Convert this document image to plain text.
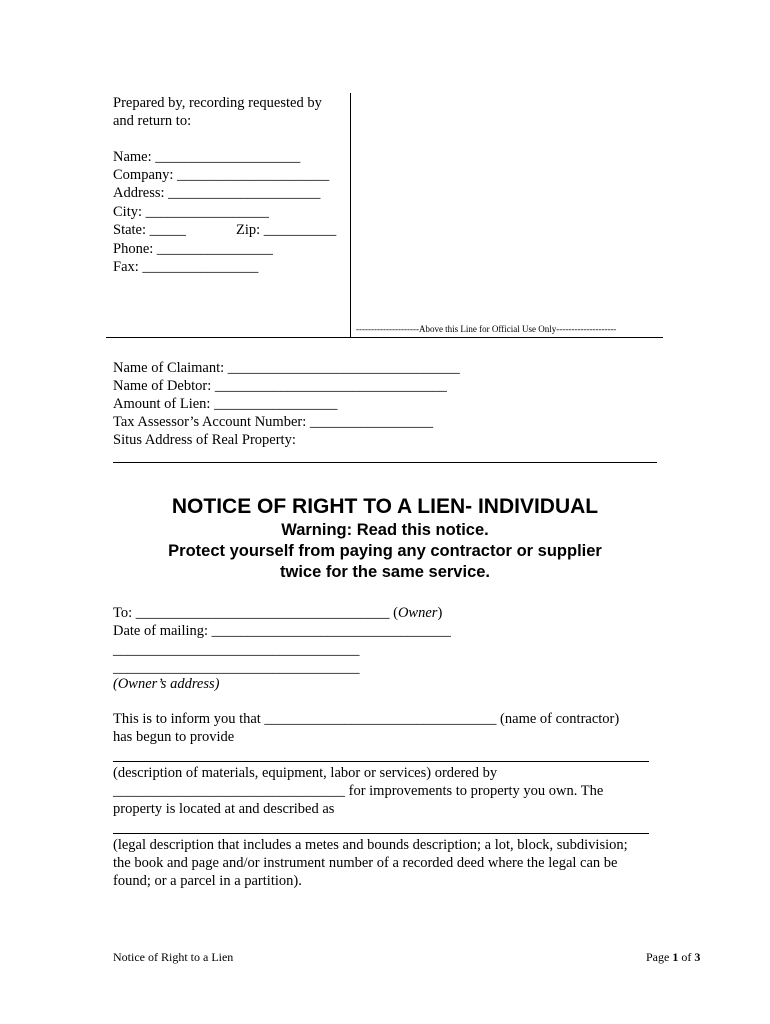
Prepared by, recording requested by
and return to:
Name: ____________________
Company: _____________________
Address: _____________________
City: _________________
State: _____	Zip: __________
Phone: ________________
Fax: ________________
---------------------Above this Line for Official Use Only--------------------
Name of Claimant: ________________________________
Name of Debtor: ________________________________
Amount of Lien: _________________
Tax Assessor’s Account Number: _________________
Situs Address of Real Property:
NOTICE OF RIGHT TO A LIEN- INDIVIDUAL
Warning: Read this notice.
Protect yourself from paying any contractor or supplier
twice for the same service.
To: ___________________________________ (Owner)
Date of mailing: _________________________________
__________________________________
__________________________________
(Owner’s address)
This is to inform you that ________________________________ (name of contractor)
has begun to provide
(description of materials, equipment, labor or services) ordered by
________________________________ for improvements to property you own. The
property is located at and described as
(legal description that includes a metes and bounds description; a lot, block, subdivision;
the book and page and/or instrument number of a recorded deed where the legal can be
found; or a parcel in a partition).
Notice of Right to a Lien	Page 1 of 3
